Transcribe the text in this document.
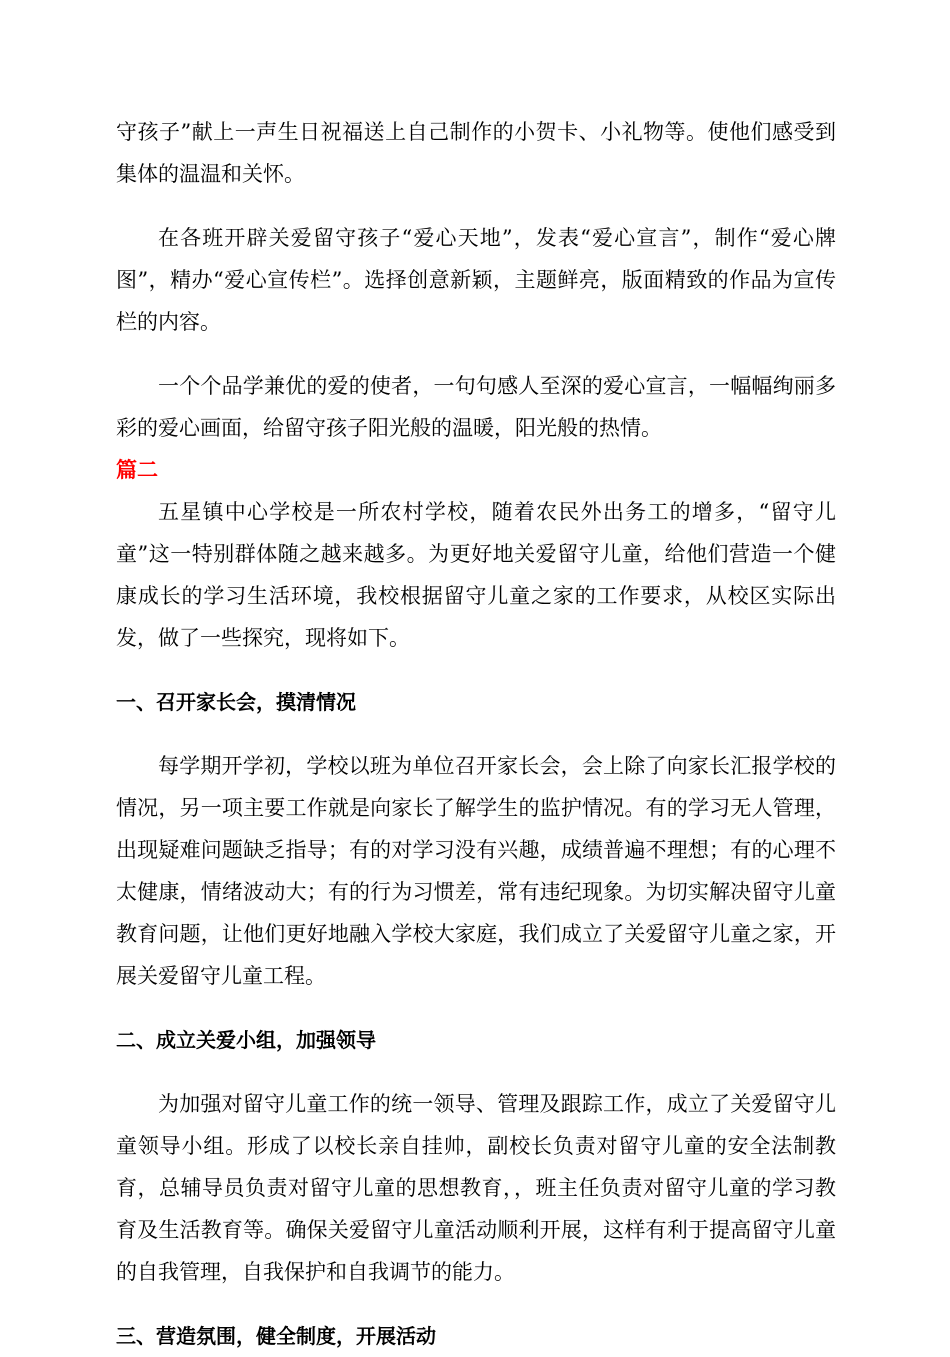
守孩子”献上一声生日祝福送上自己制作的小贺卡、小礼物等。使他们感受到集体的温温和关怀。

在各班开辟关爱留守孩子“爱心天地”，发表“爱心宣言”，制作“爱心牌图”，精办“爱心宣传栏”。选择创意新颖，主题鲜亮，版面精致的作品为宣传栏的内容。

一个个品学兼优的爱的使者，一句句感人至深的爱心宣言，一幅幅绚丽多彩的爱心画面，给留守孩子阳光般的温暖，阳光般的热情。

篇二

五星镇中心学校是一所农村学校，随着农民外出务工的增多，“留守儿童”这一特别群体随之越来越多。为更好地关爱留守儿童，给他们营造一个健康成长的学习生活环境，我校根据留守儿童之家的工作要求，从校区实际出发，做了一些探究，现将如下。

一、召开家长会，摸清情况

每学期开学初，学校以班为单位召开家长会，会上除了向家长汇报学校的情况，另一项主要工作就是向家长了解学生的监护情况。有的学习无人管理，出现疑难问题缺乏指导；有的对学习没有兴趣，成绩普遍不理想；有的心理不太健康，情绪波动大；有的行为习惯差，常有违纪现象。为切实解决留守儿童教育问题，让他们更好地融入学校大家庭，我们成立了关爱留守儿童之家，开展关爱留守儿童工程。

二、成立关爱小组，加强领导

为加强对留守儿童工作的统一领导、管理及跟踪工作，成立了关爱留守儿童领导小组。形成了以校长亲自挂帅，副校长负责对留守儿童的安全法制教育，总辅导员负责对留守儿童的思想教育，，班主任负责对留守儿童的学习教育及生活教育等。确保关爱留守儿童活动顺利开展，这样有利于提高留守儿童的自我管理，自我保护和自我调节的能力。

三、营造氛围，健全制度，开展活动
